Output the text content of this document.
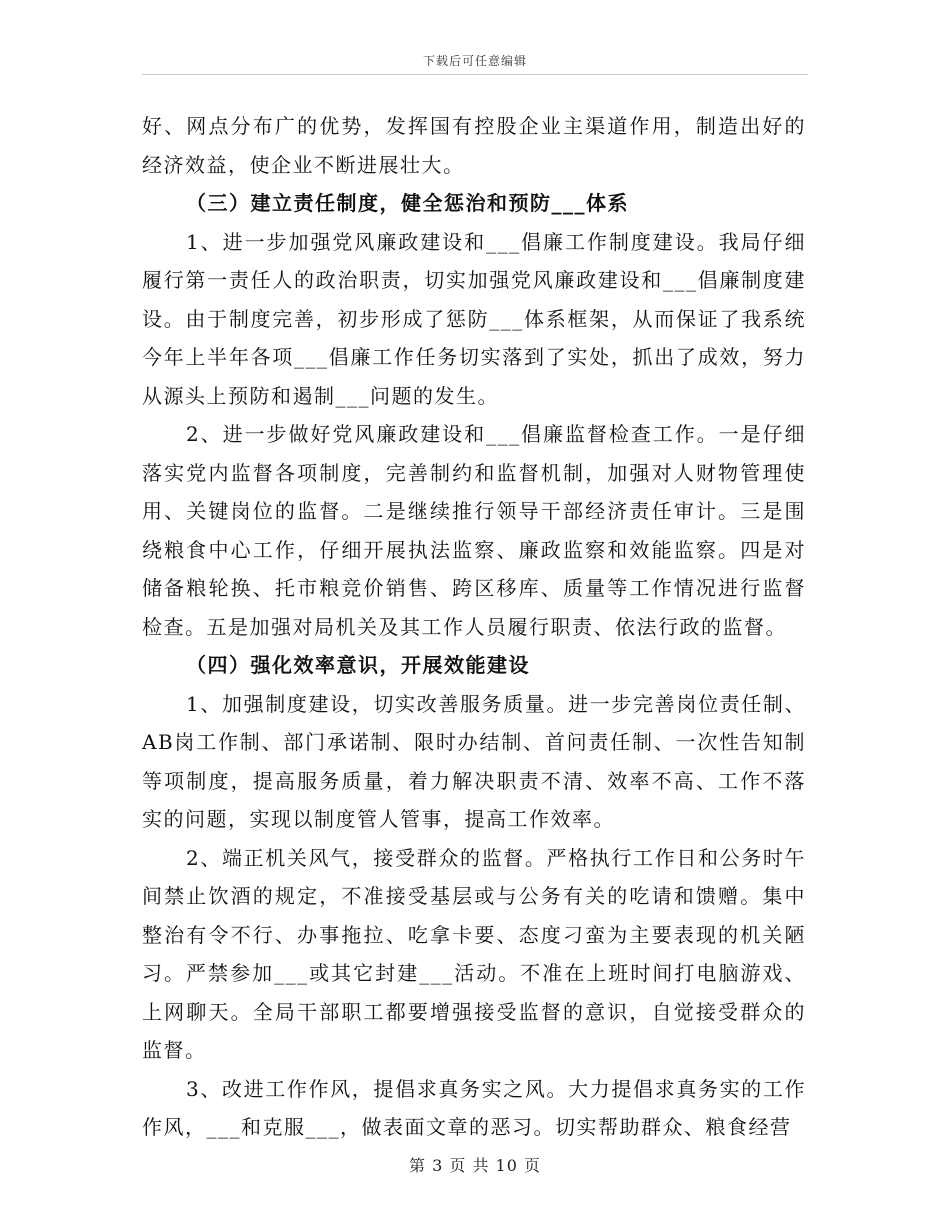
下载后可任意编辑

好、网点分布广的优势，发挥国有控股企业主渠道作用，制造出好的经济效益，使企业不断进展壮大。

（三）建立责任制度，健全惩治和预防___体系

1、进一步加强党风廉政建设和___倡廉工作制度建设。我局仔细履行第一责任人的政治职责，切实加强党风廉政建设和___倡廉制度建设。由于制度完善，初步形成了惩防___体系框架，从而保证了我系统今年上半年各项___倡廉工作任务切实落到了实处，抓出了成效，努力从源头上预防和遏制___问题的发生。

2、进一步做好党风廉政建设和___倡廉监督检查工作。一是仔细落实党内监督各项制度，完善制约和监督机制，加强对人财物管理使用、关键岗位的监督。二是继续推行领导干部经济责任审计。三是围绕粮食中心工作，仔细开展执法监察、廉政监察和效能监察。四是对储备粮轮换、托市粮竞价销售、跨区移库、质量等工作情况进行监督检查。五是加强对局机关及其工作人员履行职责、依法行政的监督。

（四）强化效率意识，开展效能建设

1、加强制度建设，切实改善服务质量。进一步完善岗位责任制、AB岗工作制、部门承诺制、限时办结制、首问责任制、一次性告知制等项制度，提高服务质量，着力解决职责不清、效率不高、工作不落实的问题，实现以制度管人管事，提高工作效率。

2、端正机关风气，接受群众的监督。严格执行工作日和公务时午间禁止饮酒的规定，不准接受基层或与公务有关的吃请和馈赠。集中整治有令不行、办事拖拉、吃拿卡要、态度刁蛮为主要表现的机关陋习。严禁参加___或其它封建___活动。不准在上班时间打电脑游戏、上网聊天。全局干部职工都要增强接受监督的意识，自觉接受群众的监督。

3、改进工作作风，提倡求真务实之风。大力提倡求真务实的工作作风，___和克服___，做表面文章的恶习。切实帮助群众、粮食经营

第 3 页 共 10 页
